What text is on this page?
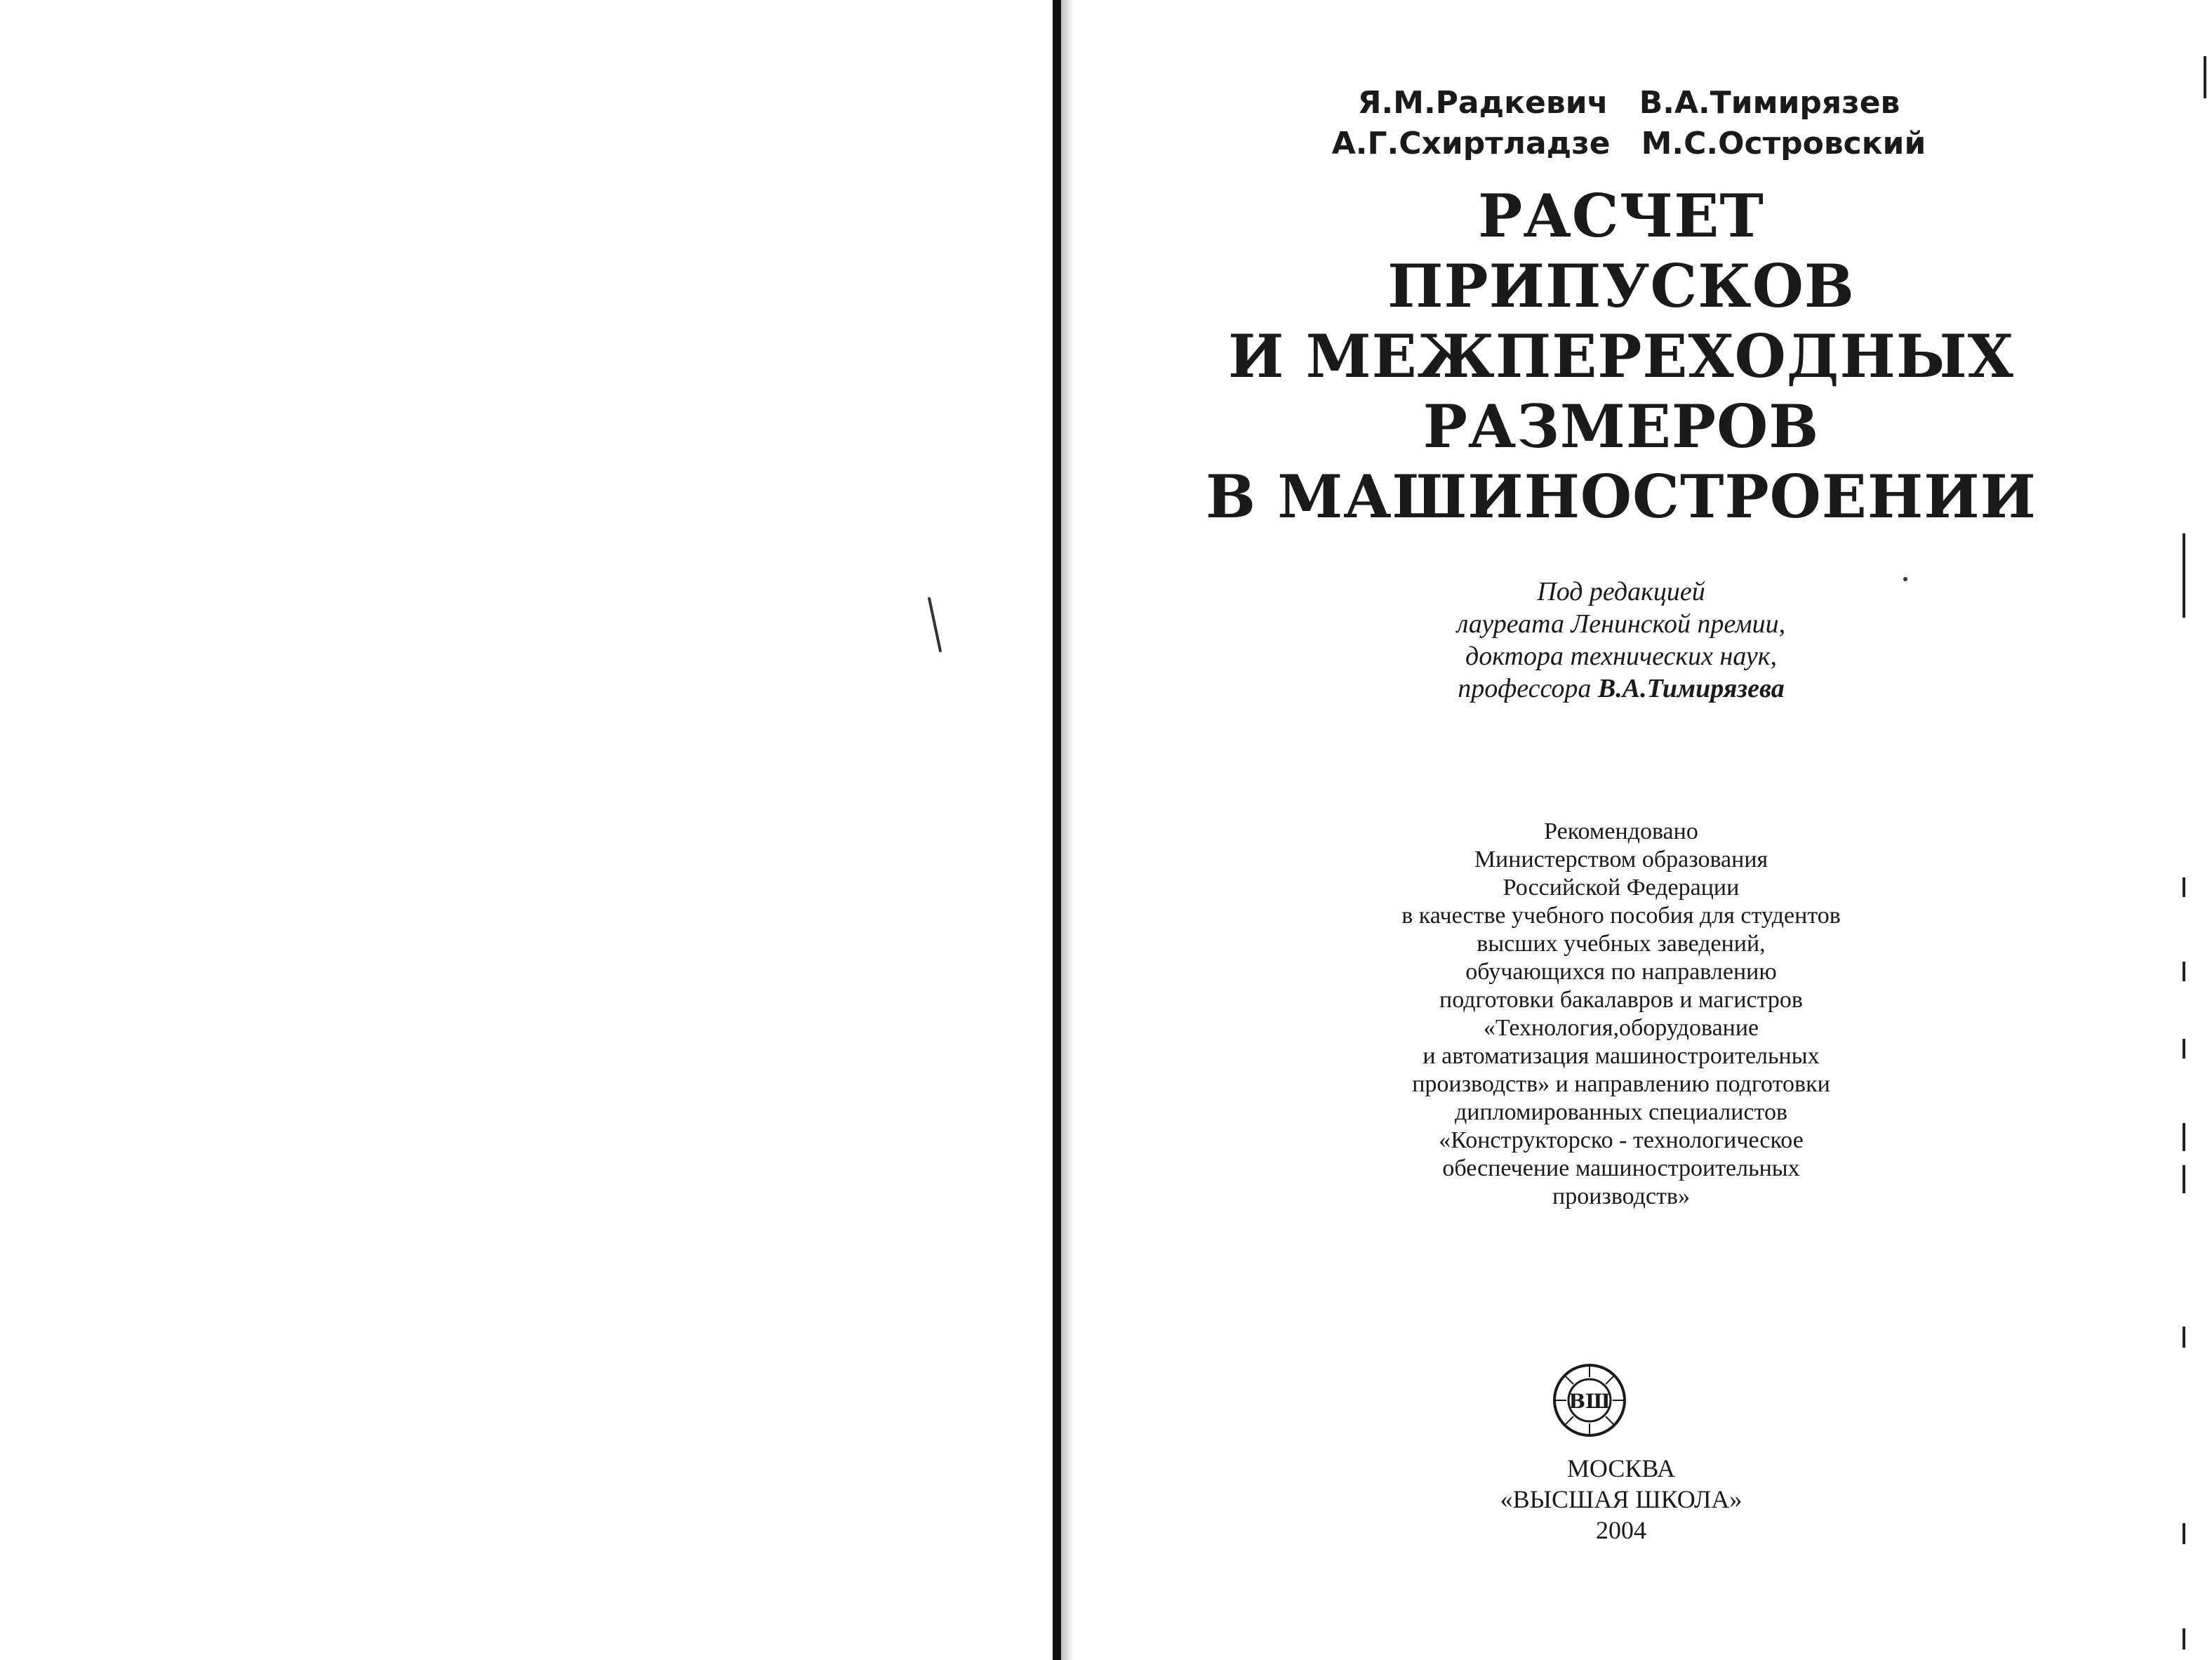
Я.М.Радкевич В.А.Тимирязев
А.Г.Схиртладзе М.С.Островский
РАСЧЕТ
ПРИПУСКОВ
И МЕЖПЕРЕХОДНЫХ
РАЗМЕРОВ
В МАШИНОСТРОЕНИИ
Под редакцией
лауреата Ленинской премии,
доктора технических наук,
профессора В.А.Тимирязева
Рекомендовано
Министерством образования
Российской Федерации
в качестве учебного пособия для студентов
высших учебных заведений,
обучающихся по направлению
подготовки бакалавров и магистров
«Технология,оборудование
и автоматизация машиностроительных
производств» и направлению подготовки
дипломированных специалистов
«Конструкторско - технологическое
обеспечение машиностроительных
производств»
ВШ
МОСКВА
«ВЫСШАЯ ШКОЛА»
2004
